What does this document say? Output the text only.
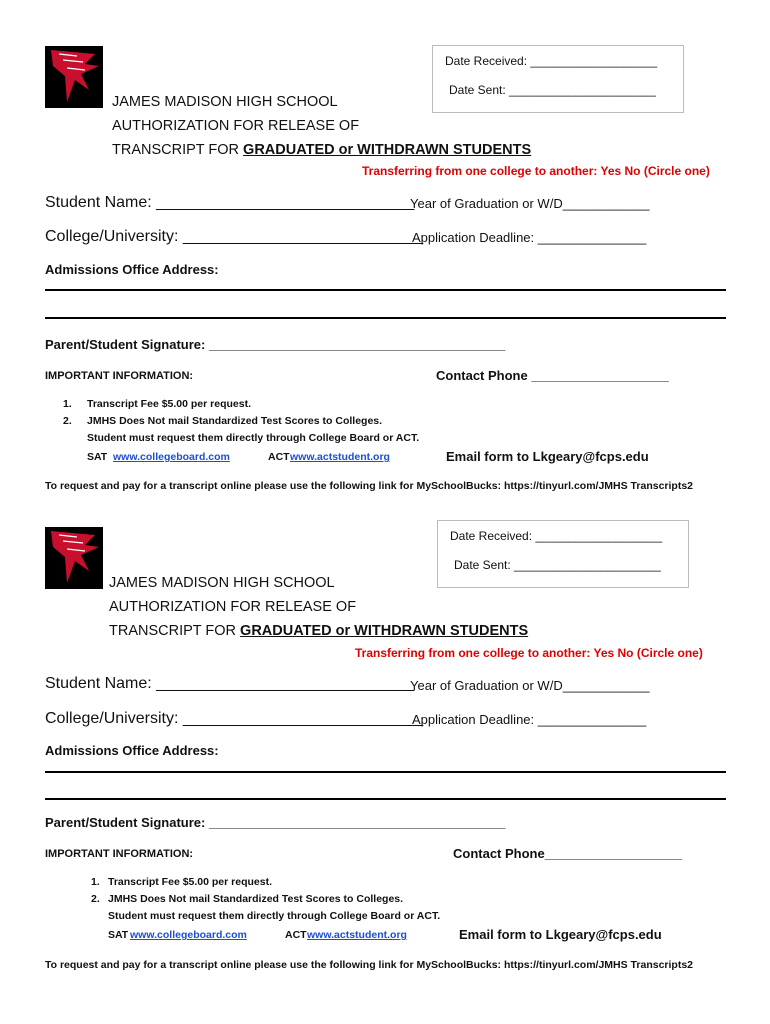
Date Received: ___________________
Date Sent: ______________________
JAMES MADISON HIGH SCHOOL
AUTHORIZATION FOR RELEASE OF
TRANSCRIPT FOR GRADUATED or WITHDRAWN STUDENTS
Transferring from one college to another: Yes No (Circle one)
Student Name: _____________________________
Year of Graduation or W/D____________
College/University: ___________________________
Application Deadline: _______________
Admissions Office Address:
Parent/Student Signature: _________________________________________
IMPORTANT INFORMATION:	Contact Phone ___________________
1. Transcript Fee $5.00 per request.
2. JMHS Does Not mail Standardized Test Scores to Colleges.
Student must request them directly through College Board or ACT.
SAT www.collegeboard.com	ACT www.actstudent.org	Email form to Lkgeary@fcps.edu
To request and pay for a transcript online please use the following link for MySchoolBucks: https://tinyurl.com/JMHS Transcripts2
Date Received: ___________________
Date Sent: ______________________
JAMES MADISON HIGH SCHOOL
AUTHORIZATION FOR RELEASE OF
TRANSCRIPT FOR GRADUATED or WITHDRAWN STUDENTS
Transferring from one college to another: Yes No (Circle one)
Student Name: _____________________________
Year of Graduation or W/D____________
College/University: ___________________________
Application Deadline: _______________
Admissions Office Address:
Parent/Student Signature: _________________________________________
IMPORTANT INFORMATION:	Contact Phone___________________
1. Transcript Fee $5.00 per request.
2. JMHS Does Not mail Standardized Test Scores to Colleges.
Student must request them directly through College Board or ACT.
SAT www.collegeboard.com	ACT www.actstudent.org	Email form to Lkgeary@fcps.edu
To request and pay for a transcript online please use the following link for MySchoolBucks: https://tinyurl.com/JMHS Transcripts2
